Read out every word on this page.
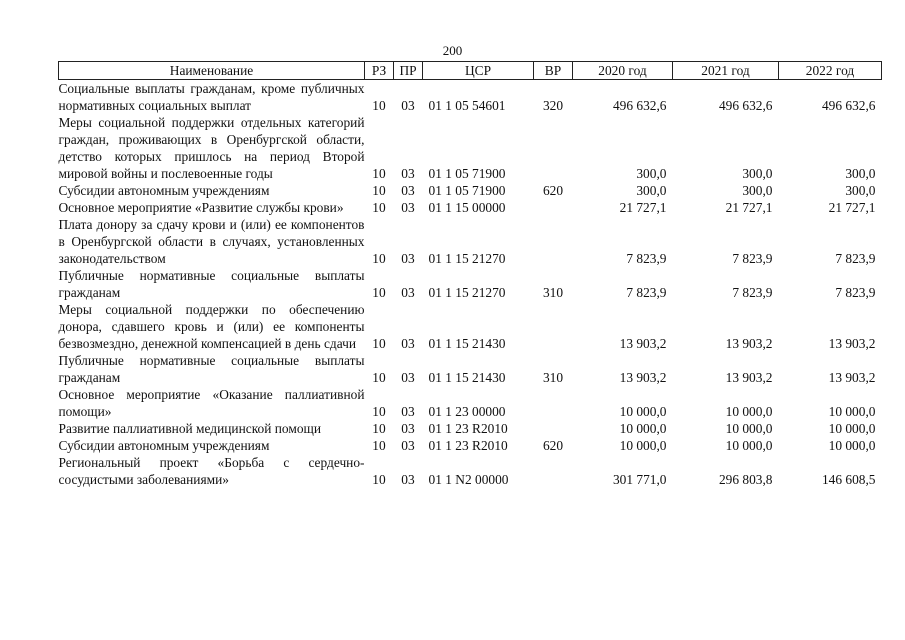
200
Наименование	РЗ	ПР	ЦСР	ВР	2020 год	2021 год	2022 год
Социальные выплаты гражданам, кроме публичных нормативных социальных выплат	10	03	01 1 05 54601	320	496 632,6	496 632,6	496 632,6
Меры социальной поддержки отдельных категорий граждан, проживающих в Оренбургской области, детство которых пришлось на период Второй мировой войны и послевоенные годы	10	03	01 1 05 71900		300,0	300,0	300,0
Субсидии автономным учреждениям	10	03	01 1 05 71900	620	300,0	300,0	300,0
Основное мероприятие «Развитие службы крови»	10	03	01 1 15 00000		21 727,1	21 727,1	21 727,1
Плата донору за сдачу крови и (или) ее компонентов в Оренбургской области в случаях, установленных законодательством	10	03	01 1 15 21270		7 823,9	7 823,9	7 823,9
Публичные нормативные социальные выплаты гражданам	10	03	01 1 15 21270	310	7 823,9	7 823,9	7 823,9
Меры социальной поддержки по обеспечению донора, сдавшего кровь и (или) ее компоненты безвозмездно, денежной компенсацией в день сдачи	10	03	01 1 15 21430		13 903,2	13 903,2	13 903,2
Публичные нормативные социальные выплаты гражданам	10	03	01 1 15 21430	310	13 903,2	13 903,2	13 903,2
Основное мероприятие «Оказание паллиативной помощи»	10	03	01 1 23 00000		10 000,0	10 000,0	10 000,0
Развитие паллиативной медицинской помощи	10	03	01 1 23 R2010		10 000,0	10 000,0	10 000,0
Субсидии автономным учреждениям	10	03	01 1 23 R2010	620	10 000,0	10 000,0	10 000,0
Региональный проект «Борьба с сердечно-сосудистыми заболеваниями»	10	03	01 1 N2 00000		301 771,0	296 803,8	146 608,5
